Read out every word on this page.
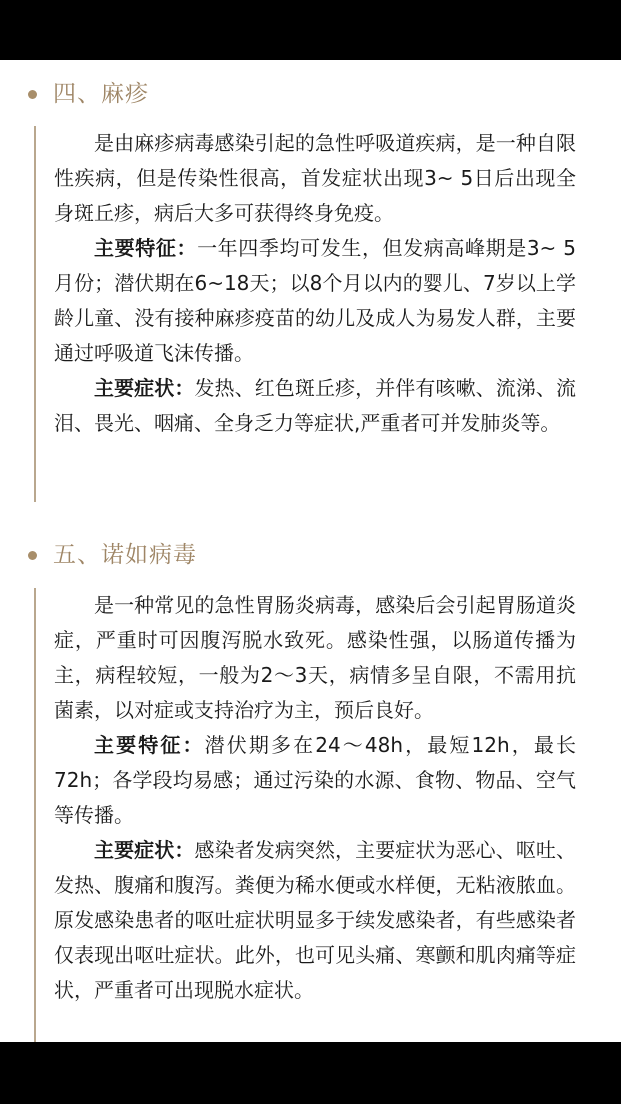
四、麻疹

是由麻疹病毒感染引起的急性呼吸道疾病，是一种自限性疾病，但是传染性很高，首发症状出现3~ 5日后出现全身斑丘疹，病后大多可获得终身免疫。

主要特征：一年四季均可发生，但发病高峰期是3~ 5月份；潜伏期在6~18天；以8个月以内的婴儿、7岁以上学龄儿童、没有接种麻疹疫苗的幼儿及成人为易发人群，主要通过呼吸道飞沫传播。

主要症状：发热、红色斑丘疹，并伴有咳嗽、流涕、流泪、畏光、咽痛、全身乏力等症状,严重者可并发肺炎等。

五、诺如病毒

是一种常见的急性胃肠炎病毒，感染后会引起胃肠道炎症，严重时可因腹泻脱水致死。感染性强，以肠道传播为主，病程较短，一般为2～3天，病情多呈自限，不需用抗菌素，以对症或支持治疗为主，预后良好。

主要特征：潜伏期多在24～48h，最短12h，最长72h；各学段均易感；通过污染的水源、食物、物品、空气等传播。

主要症状：感染者发病突然，主要症状为恶心、呕吐、发热、腹痛和腹泻。粪便为稀水便或水样便，无粘液脓血。原发感染患者的呕吐症状明显多于续发感染者，有些感染者仅表现出呕吐症状。此外，也可见头痛、寒颤和肌肉痛等症状，严重者可出现脱水症状。
